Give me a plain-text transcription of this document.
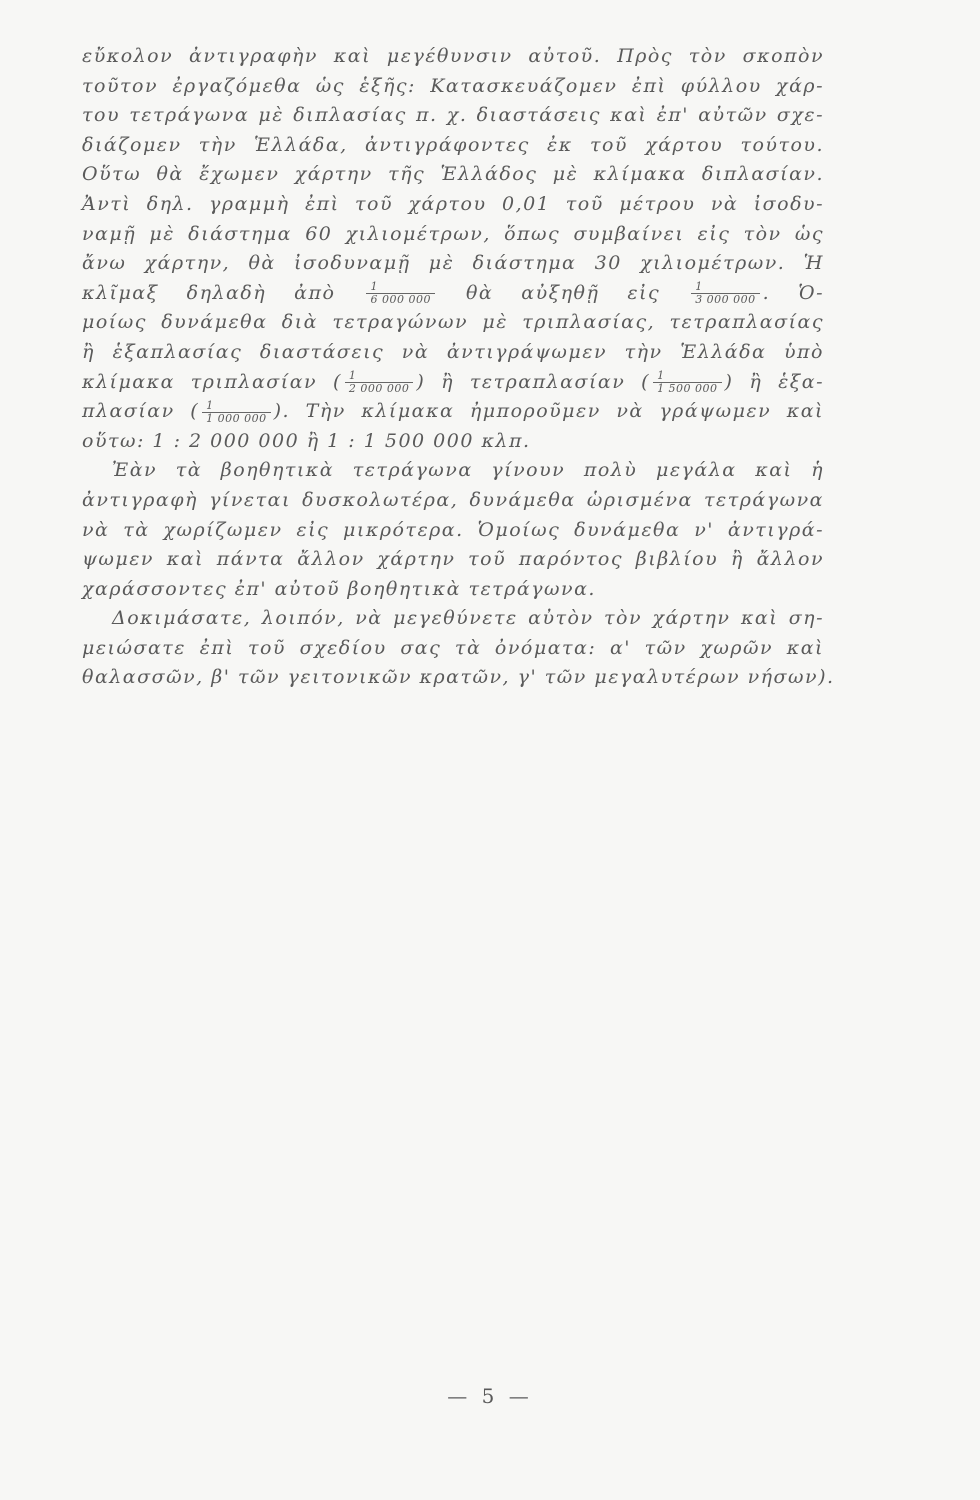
εὔκολον ἀντιγραφὴν καὶ μεγέθυνσιν αὐτοῦ. Πρὸς τὸν σκοπὸν
τοῦτον ἐργαζόμεθα ὡς ἑξῆς: Κατασκευάζομεν ἐπὶ φύλλου χάρ-
του τετράγωνα μὲ διπλασίας π. χ. διαστάσεις καὶ ἐπ' αὐτῶν σχε-
διάζομεν τὴν Ἑλλάδα, ἀντιγράφοντες ἐκ τοῦ χάρτου τούτου.
Οὕτω θὰ ἔχωμεν χάρτην τῆς Ἑλλάδος μὲ κλίμακα διπλασίαν.
Ἀντὶ δηλ. γραμμὴ ἐπὶ τοῦ χάρτου 0,01 τοῦ μέτρου νὰ ἰσοδυ-
ναμῇ μὲ διάστημα 60 χιλιομέτρων, ὅπως συμβαίνει εἰς τὸν ὡς
ἄνω χάρτην, θὰ ἰσοδυναμῇ μὲ διάστημα 30 χιλιομέτρων. Ἡ
κλῖμαξ δηλαδὴ ἀπὸ	$\frac{1}{6 000 000}$ θὰ αὐξηθῇ εἰς	$\frac{1}{3 000 000}$ . Ὁ-
μοίως δυνάμεθα διὰ τετραγώνων μὲ τριπλασίας, τετραπλασίας
ἢ ἑξαπλασίας διαστάσεις νὰ ἀντιγράψωμεν τὴν Ἑλλάδα ὑπὸ
κλίμακα τριπλασίαν ( $\frac{1}{2 000 000}$ ) ἢ τετραπλασίαν ( $\frac{1}{1 500 000}$ ) ἢ ἑξα-
πλασίαν ( $\frac{1}{1 000 000}$ ). Τὴν κλίμακα ἠμποροῦμεν νὰ γράψωμεν καὶ
οὕτω: 1 : 2 000 000 ἢ 1 : 1 500 000 κλπ.
Ἐὰν τὰ βοηθητικὰ τετράγωνα γίνουν πολὺ μεγάλα καὶ ἡ
ἀντιγραφὴ γίνεται δυσκολωτέρα, δυνάμεθα ὡρισμένα τετράγωνα
νὰ τὰ χωρίζωμεν εἰς μικρότερα. Ὁμοίως δυνάμεθα ν' ἀντιγρά-
ψωμεν καὶ πάντα ἄλλον χάρτην τοῦ παρόντος βιβλίου ἢ ἄλλον
χαράσσοντες ἐπ' αὐτοῦ βοηθητικὰ τετράγωνα.
Δοκιμάσατε, λοιπόν, νὰ μεγεθύνετε αὐτὸν τὸν χάρτην καὶ ση-
μειώσατε ἐπὶ τοῦ σχεδίου σας τὰ ὀνόματα: α' τῶν χωρῶν καὶ
θαλασσῶν, β' τῶν γειτονικῶν κρατῶν, γ' τῶν μεγαλυτέρων νήσων).
— 5 —
